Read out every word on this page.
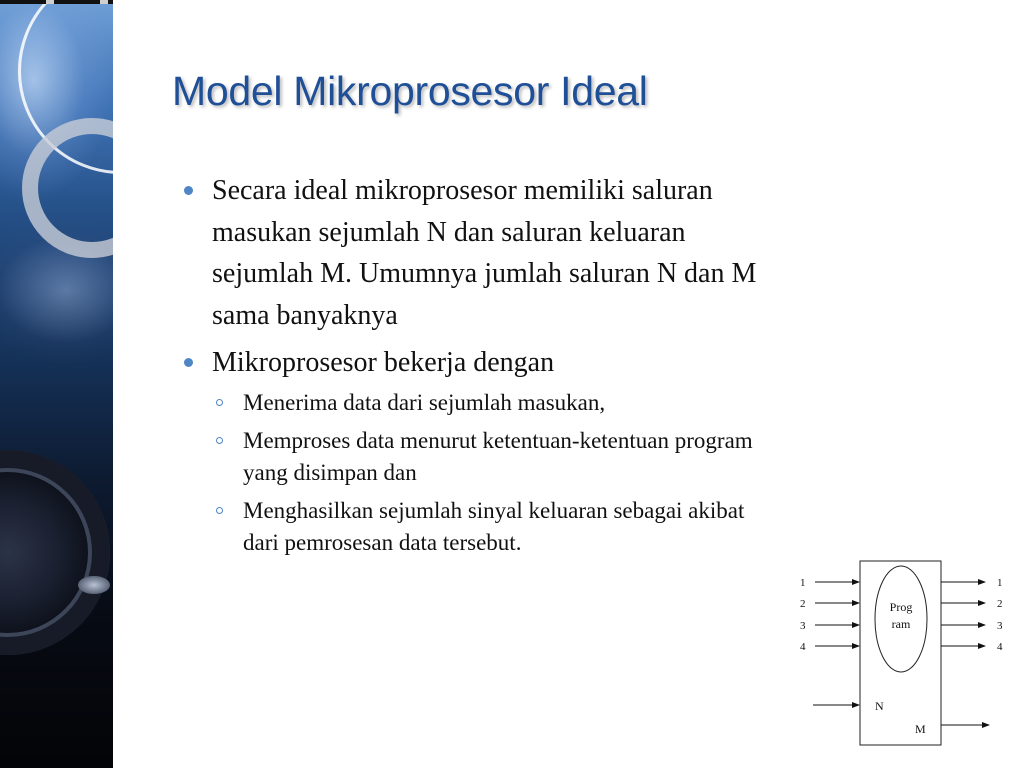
Model Mikroprosesor Ideal
Secara ideal mikroprosesor memiliki saluran
masukan sejumlah N dan saluran keluaran
sejumlah M. Umumnya jumlah saluran N dan M
sama banyaknya
Mikroprosesor bekerja dengan
Menerima data dari sejumlah masukan,
Memproses data menurut ketentuan-ketentuan program
yang disimpan dan
Menghasilkan sejumlah sinyal keluaran sebagai akibat
dari pemrosesan data tersebut.
Prog
ram
1
2
3
4
N
1
2
3
4
M
